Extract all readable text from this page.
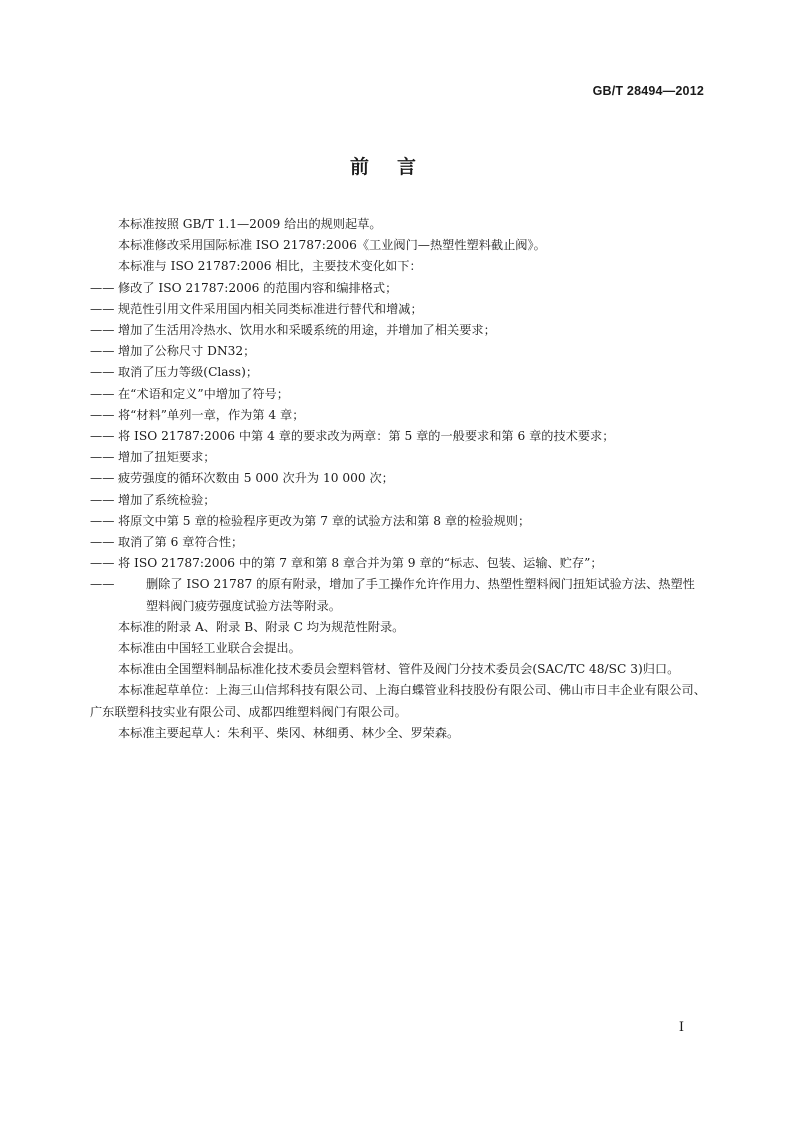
GB/T 28494—2012
前言

本标准按照 GB/T 1.1—2009 给出的规则起草。

本标准修改采用国际标准 ISO 21787:2006《工业阀门—热塑性塑料截止阀》。

本标准与 ISO 21787:2006 相比，主要技术变化如下：

—— 修改了 ISO 21787:2006 的范围内容和编排格式；

—— 规范性引用文件采用国内相关同类标准进行替代和增减；

—— 增加了生活用冷热水、饮用水和采暖系统的用途，并增加了相关要求；

—— 增加了公称尺寸 DN32；

—— 取消了压力等级(Class)；

—— 在“术语和定义”中增加了符号；

—— 将“材料”单列一章，作为第 4 章；

—— 将 ISO 21787:2006 中第 4 章的要求改为两章：第 5 章的一般要求和第 6 章的技术要求；

—— 增加了扭矩要求；

—— 疲劳强度的循环次数由 5 000 次升为 10 000 次；

—— 增加了系统检验；

—— 将原文中第 5 章的检验程序更改为第 7 章的试验方法和第 8 章的检验规则；

—— 取消了第 6 章符合性；

—— 将 ISO 21787:2006 中的第 7 章和第 8 章合并为第 9 章的“标志、包装、运输、贮存”；

——	删除了 ISO 21787 的原有附录，增加了手工操作允许作用力、热塑性塑料阀门扭矩试验方法、热塑性塑料阀门疲劳强度试验方法等附录。

本标准的附录 A、附录 B、附录 C 均为规范性附录。

本标准由中国轻工业联合会提出。

本标准由全国塑料制品标准化技术委员会塑料管材、管件及阀门分技术委员会(SAC/TC 48/SC 3)归口。

本标准起草单位：上海三山信邦科技有限公司、上海白蝶管业科技股份有限公司、佛山市日丰企业有限公司、广东联塑科技实业有限公司、成都四维塑料阀门有限公司。

本标准主要起草人：朱利平、柴冈、林细勇、林少全、罗荣森。

I
